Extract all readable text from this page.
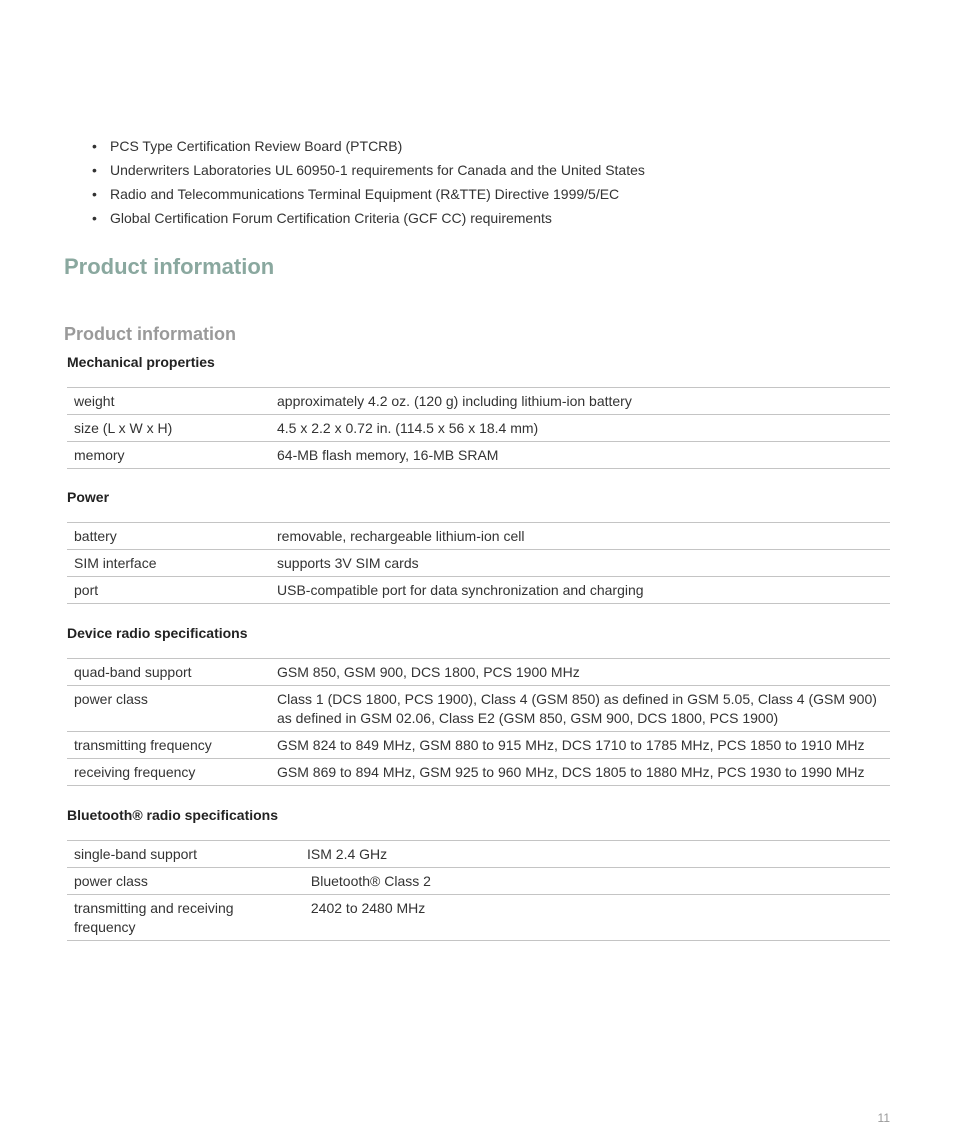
• PCS Type Certification Review Board (PTCRB)
• Underwriters Laboratories UL 60950-1 requirements for Canada and the United States
• Radio and Telecommunications Terminal Equipment (R&TTE) Directive 1999/5/EC
• Global Certification Forum Certification Criteria (GCF CC) requirements
Product information
Product information
Mechanical properties
weight	approximately 4.2 oz. (120 g) including lithium-ion battery
size (L x W x H)	4.5 x 2.2 x 0.72 in. (114.5 x 56 x 18.4 mm)
memory	64-MB flash memory, 16-MB SRAM
Power
battery	removable, rechargeable lithium-ion cell
SIM interface	supports 3V SIM cards
port	USB-compatible port for data synchronization and charging
Device radio specifications
quad-band support	GSM 850, GSM 900, DCS 1800, PCS 1900 MHz
power class	Class 1 (DCS 1800, PCS 1900), Class 4 (GSM 850) as defined in GSM 5.05, Class 4 (GSM 900) as defined in GSM 02.06, Class E2 (GSM 850, GSM 900, DCS 1800, PCS 1900)
transmitting frequency	GSM 824 to 849 MHz, GSM 880 to 915 MHz, DCS 1710 to 1785 MHz, PCS 1850 to 1910 MHz
receiving frequency	GSM 869 to 894 MHz, GSM 925 to 960 MHz, DCS 1805 to 1880 MHz, PCS 1930 to 1990 MHz
Bluetooth® radio specifications
single-band support	ISM 2.4 GHz
power class	Bluetooth® Class 2
transmitting and receiving frequency	2402 to 2480 MHz
11
